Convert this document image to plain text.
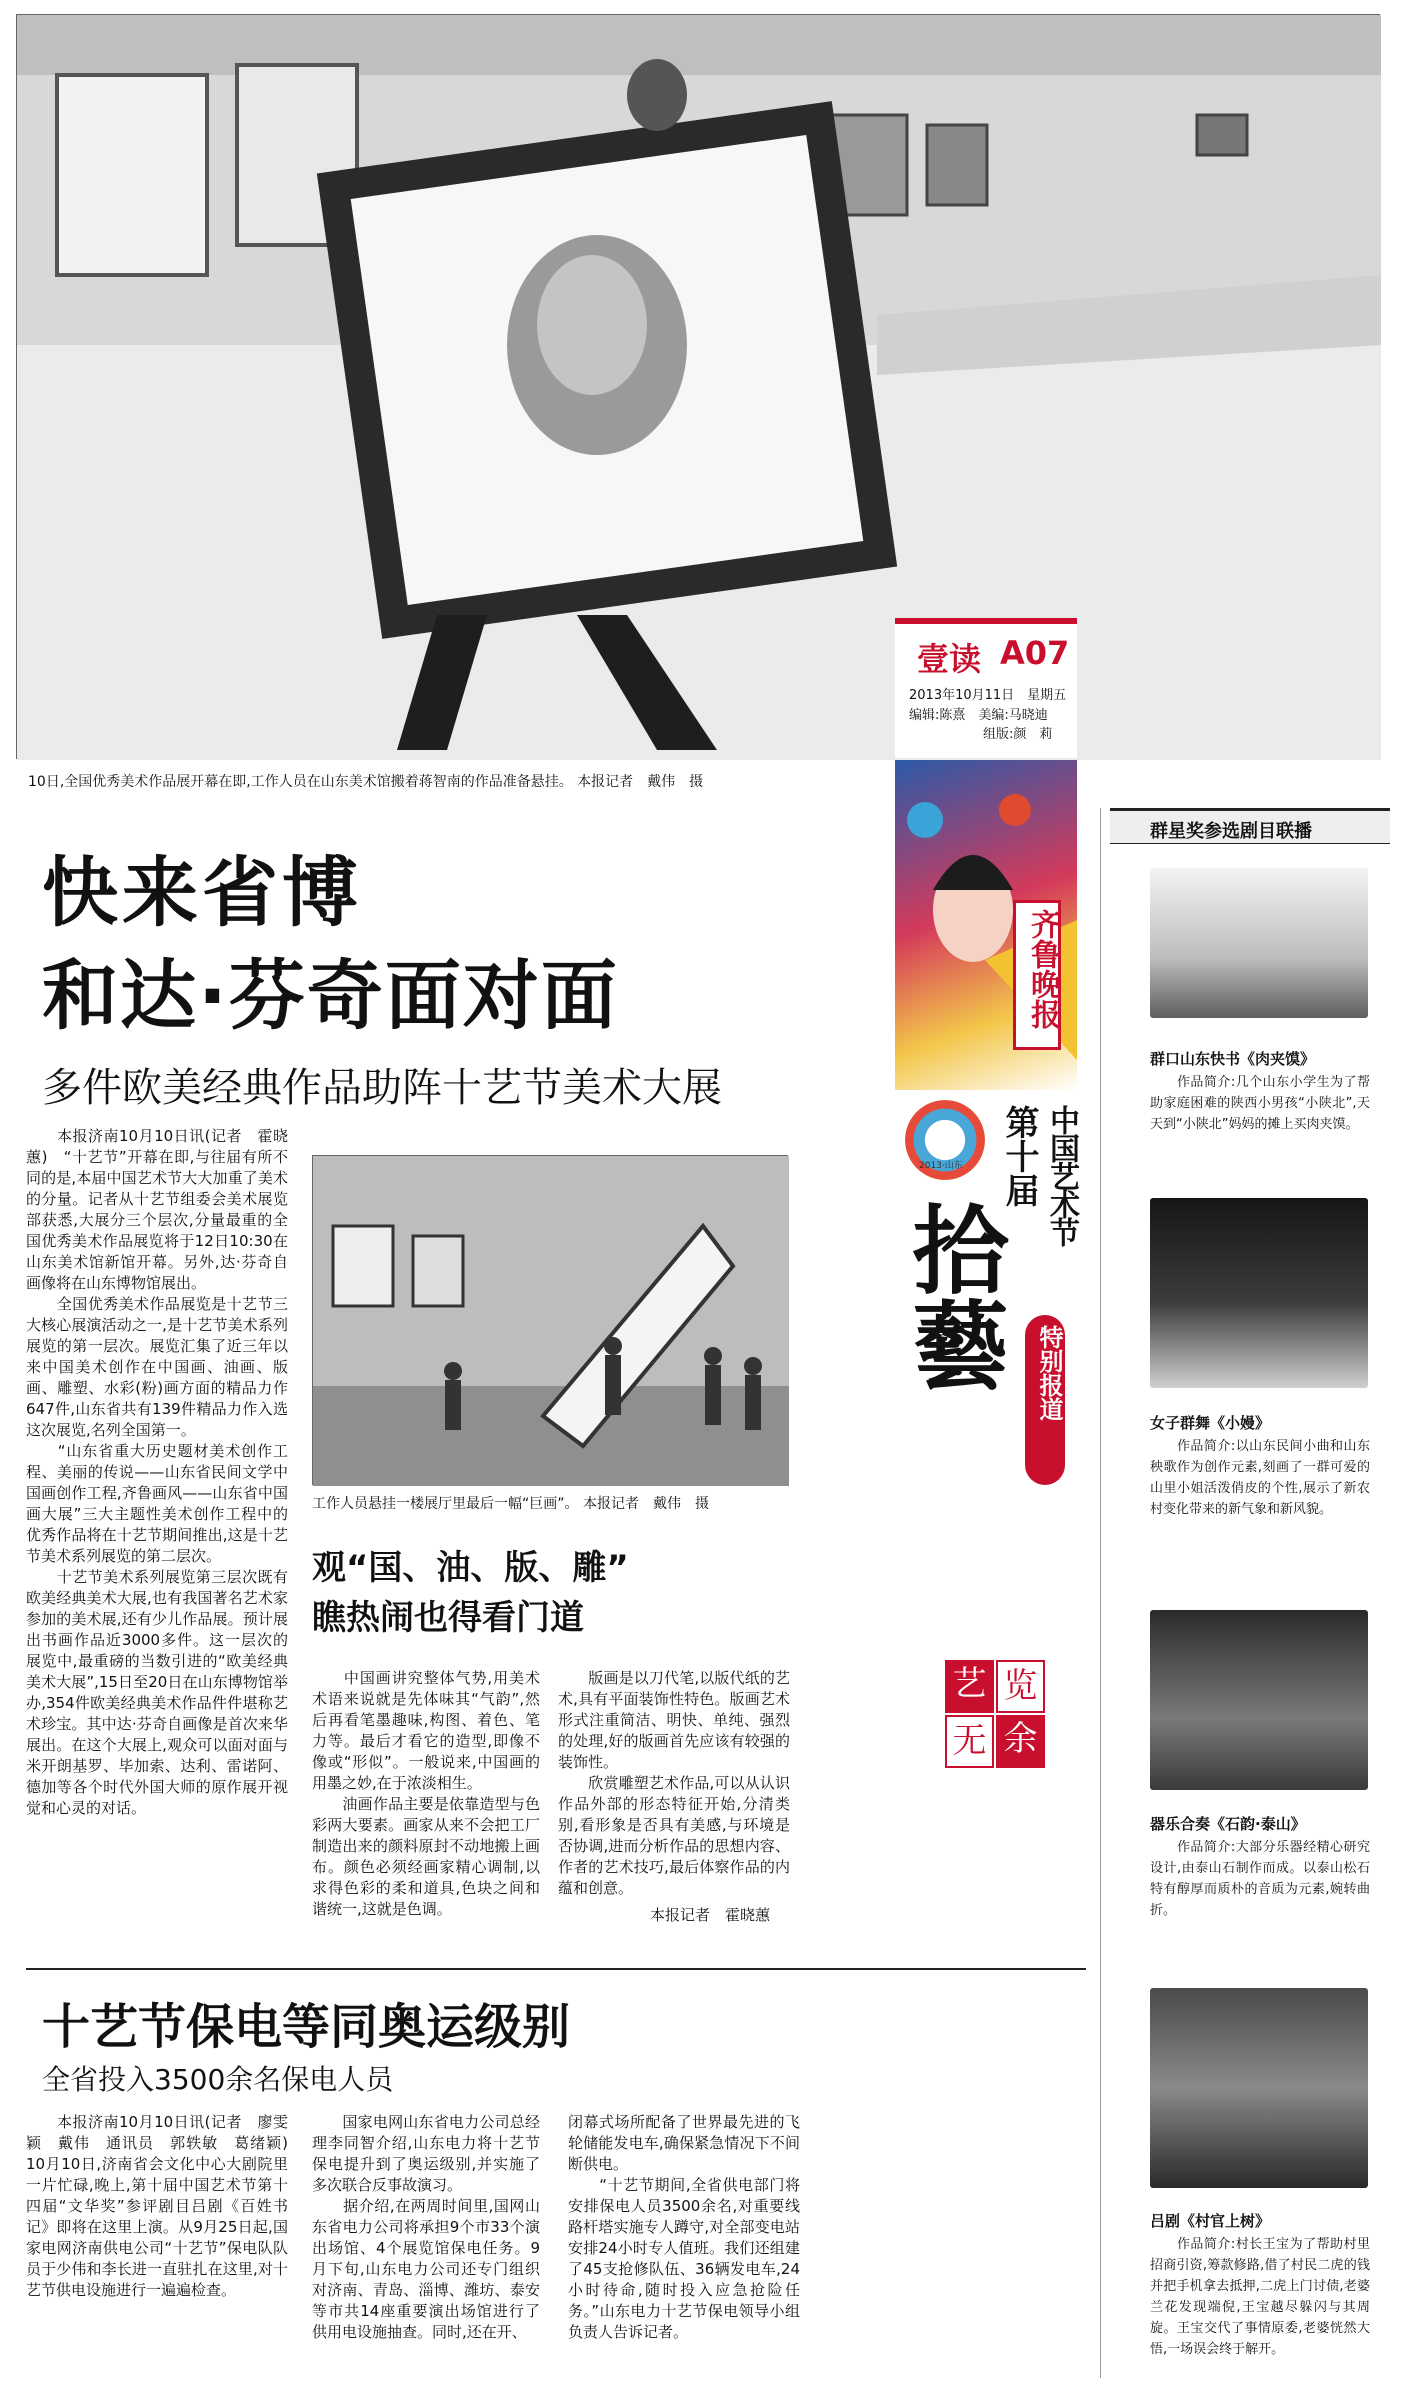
10日,全国优秀美术作品展开幕在即,工作人员在山东美术馆搬着蒋智南的作品准备悬挂。 本报记者　戴伟　摄
壹读 A07
2013年10月11日　星期五
编辑:陈熹　美编:马晓迪
组版:颜　莉
快来省博
和达·芬奇面对面
多件欧美经典作品助阵十艺节美术大展
　　本报济南10月10日讯(记者　霍晓蕙)　“十艺节”开幕在即,与往届有所不同的是,本届中国艺术节大大加重了美术的分量。记者从十艺节组委会美术展览部获悉,大展分三个层次,分量最重的全国优秀美术作品展览将于12日10:30在山东美术馆新馆开幕。另外,达·芬奇自画像将在山东博物馆展出。
　　全国优秀美术作品展览是十艺节三大核心展演活动之一,是十艺节美术系列展览的第一层次。展览汇集了近三年以来中国美术创作在中国画、油画、版画、雕塑、水彩(粉)画方面的精品力作647件,山东省共有139件精品力作入选这次展览,名列全国第一。
　　“山东省重大历史题材美术创作工程、美丽的传说——山东省民间文学中国画创作工程,齐鲁画风——山东省中国画大展”三大主题性美术创作工程中的优秀作品将在十艺节期间推出,这是十艺节美术系列展览的第二层次。
　　十艺节美术系列展览第三层次既有欧美经典美术大展,也有我国著名艺术家参加的美术展,还有少儿作品展。预计展出书画作品近3000多件。这一层次的展览中,最重磅的当数引进的“欧美经典美术大展”,15日至20日在山东博物馆举办,354件欧美经典美术作品件件堪称艺术珍宝。其中达·芬奇自画像是首次来华展出。在这个大展上,观众可以面对面与米开朗基罗、毕加索、达利、雷诺阿、德加等各个时代外国大师的原作展开视觉和心灵的对话。
工作人员悬挂一楼展厅里最后一幅“巨画”。 本报记者　戴伟　摄
观“国、油、版、雕”
瞧热闹也得看门道
　　中国画讲究整体气势,用美术术语来说就是先体味其“气韵”,然后再看笔墨趣味,构图、着色、笔力等。最后才看它的造型,即像不像或“形似”。一般说来,中国画的用墨之妙,在于浓淡相生。
　　油画作品主要是依靠造型与色彩两大要素。画家从来不会把工厂制造出来的颜料原封不动地搬上画布。颜色必须经画家精心调制,以求得色彩的柔和道具,色块之间和谐统一,这就是色调。
　　版画是以刀代笔,以版代纸的艺术,具有平面装饰性特色。版画艺术形式注重简洁、明快、单纯、强烈的处理,好的版画首先应该有较强的装饰性。
　　欣赏雕塑艺术作品,可以从认识作品外部的形态特征开始,分清类别,看形象是否具有美感,与环境是否协调,进而分析作品的思想内容、作者的艺术技巧,最后体察作品的内蕴和创意。
本报记者　霍晓蕙
十艺节保电等同奥运级别
全省投入3500余名保电人员
　　本报济南10月10日讯(记者　廖雯颖　戴伟　通讯员　郭轶敏　葛绪颖)　10月10日,济南省会文化中心大剧院里一片忙碌,晚上,第十届中国艺术节第十四届“文华奖”参评剧目吕剧《百姓书记》即将在这里上演。从9月25日起,国家电网济南供电公司“十艺节”保电队队员于少伟和李长进一直驻扎在这里,对十艺节供电设施进行一遍遍检查。
　　国家电网山东省电力公司总经理李同智介绍,山东电力将十艺节保电提升到了奥运级别,并实施了多次联合反事故演习。
　　据介绍,在两周时间里,国网山东省电力公司将承担9个市33个演出场馆、4个展览馆保电任务。9月下旬,山东电力公司还专门组织对济南、青岛、淄博、潍坊、泰安等市共14座重要演出场馆进行了供用电设施抽查。同时,还在开、
闭幕式场所配备了世界最先进的飞轮储能发电车,确保紧急情况下不间断供电。
　　“十艺节期间,全省供电部门将安排保电人员3500余名,对重要线路杆塔实施专人蹲守,对全部变电站安排24小时专人值班。我们还组建了45支抢修队伍、36辆发电车,24小时待命,随时投入应急抢险任务。”山东电力十艺节保电领导小组负责人告诉记者。
齐鲁晚报
2013·山东 第十届 中国艺术节
拾藝	特别报道
艺 览
无 余
群星奖参选剧目联播
群口山东快书《肉夹馍》
　　作品简介:几个山东小学生为了帮助家庭困难的陕西小男孩“小陕北”,天天到“小陕北”妈妈的摊上买肉夹馍。
女子群舞《小嫚》
　　作品简介:以山东民间小曲和山东秧歌作为创作元素,刻画了一群可爱的山里小姐活泼俏皮的个性,展示了新农村变化带来的新气象和新风貌。
器乐合奏《石韵·泰山》
　　作品简介:大部分乐器经精心研究设计,由泰山石制作而成。以泰山松石特有醇厚而质朴的音质为元素,婉转曲折。
吕剧《村官上树》
　　作品简介:村长王宝为了帮助村里招商引资,筹款修路,借了村民二虎的钱并把手机拿去抵押,二虎上门讨债,老婆兰花发现端倪,王宝越尽躲闪与其周旋。王宝交代了事情原委,老婆恍然大悟,一场误会终于解开。
